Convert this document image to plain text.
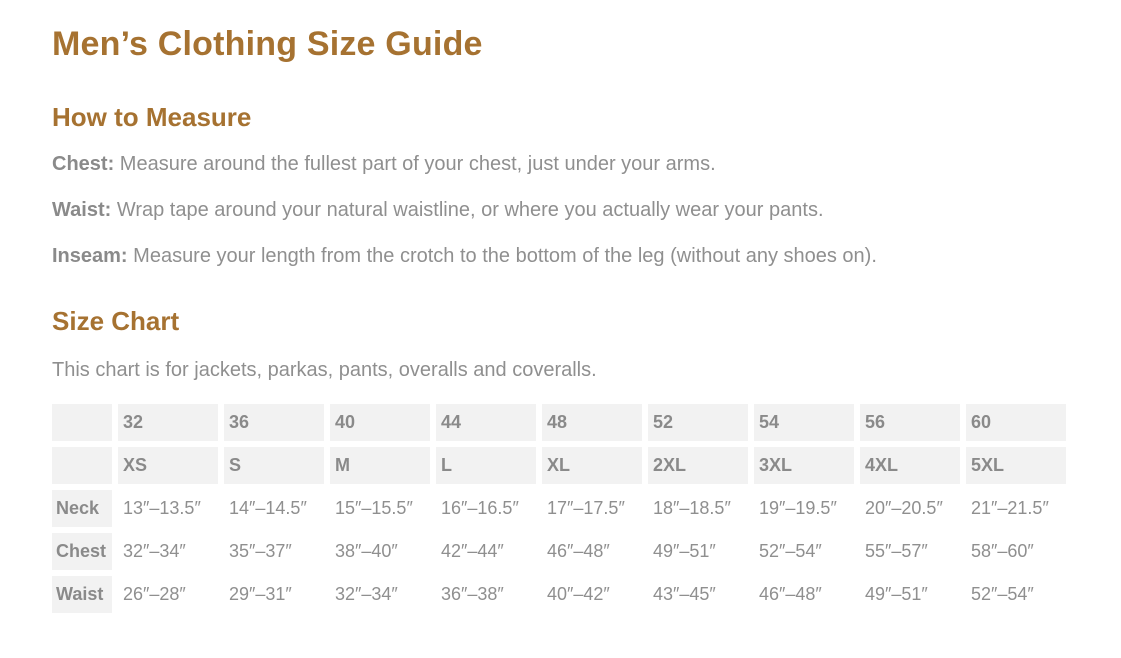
Men’s Clothing Size Guide
How to Measure
Chest: Measure around the fullest part of your chest, just under your arms.
Waist: Wrap tape around your natural waistline, or where you actually wear your pants.
Inseam: Measure your length from the crotch to the bottom of the leg (without any shoes on).
Size Chart
This chart is for jackets, parkas, pants, overalls and coveralls.
	32	36	40	44	48	52	54	56	60
	XS	S	M	L	XL	2XL	3XL	4XL	5XL
Neck	13″–13.5″	14″–14.5″	15″–15.5″	16″–16.5″	17″–17.5″	18″–18.5″	19″–19.5″	20″–20.5″	21″–21.5″
Chest	32″–34″	35″–37″	38″–40″	42″–44″	46″–48″	49″–51″	52″–54″	55″–57″	58″–60″
Waist	26″–28″	29″–31″	32″–34″	36″–38″	40″–42″	43″–45″	46″–48″	49″–51″	52″–54″
